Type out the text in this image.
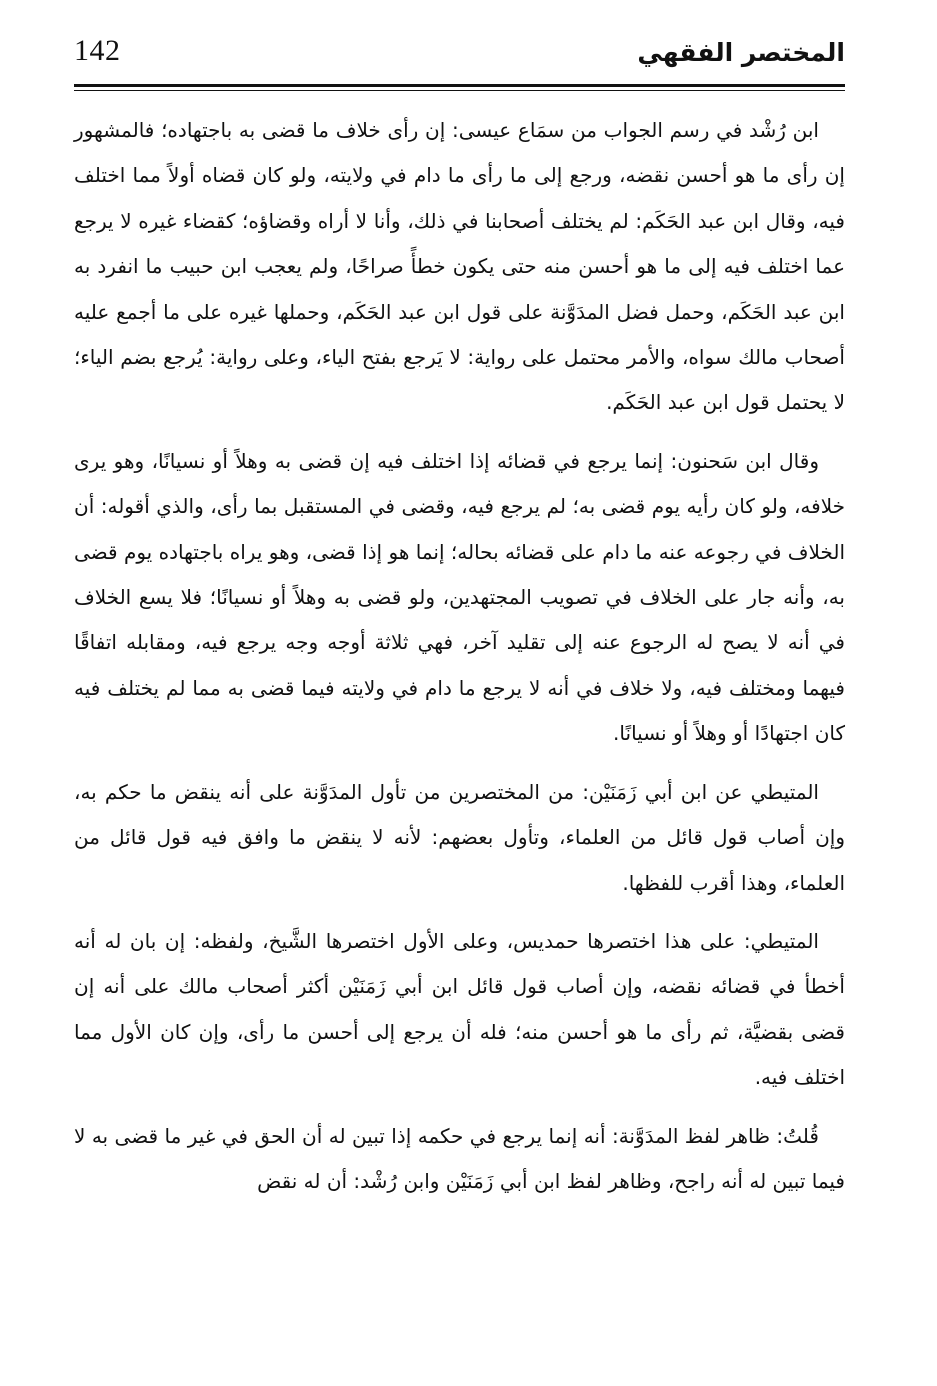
142	المختصر الفقهي

ابن رُشْد في رسم الجواب من سمَاع عيسى: إن رأى خلاف ما قضى به باجتهاده؛ فالمشهور إن رأى ما هو أحسن نقضه، ورجع إلى ما رأى ما دام في ولايته، ولو كان قضاه أولاً مما اختلف فيه، وقال ابن عبد الحَكَم: لم يختلف أصحابنا في ذلك، وأنا لا أراه وقضاؤه؛ كقضاء غيره لا يرجع عما اختلف فيه إلى ما هو أحسن منه حتى يكون خطأً صراحًا، ولم يعجب ابن حبيب ما انفرد به ابن عبد الحَكَم، وحمل فضل المدَوَّنة على قول ابن عبد الحَكَم، وحملها غيره على ما أجمع عليه أصحاب مالك سواه، والأمر محتمل على رواية: لا يَرجع بفتح الياء، وعلى رواية: يُرجع بضم الياء؛ لا يحتمل قول ابن عبد الحَكَم.

وقال ابن سَحنون: إنما يرجع في قضائه إذا اختلف فيه إن قضى به وهلاً أو نسيانًا، وهو يرى خلافه، ولو كان رأيه يوم قضى به؛ لم يرجع فيه، وقضى في المستقبل بما رأى، والذي أقوله: أن الخلاف في رجوعه عنه ما دام على قضائه بحاله؛ إنما هو إذا قضى، وهو يراه باجتهاده يوم قضى به، وأنه جار على الخلاف في تصويب المجتهدين، ولو قضى به وهلاً أو نسيانًا؛ فلا يسع الخلاف في أنه لا يصح له الرجوع عنه إلى تقليد آخر، فهي ثلاثة أوجه وجه يرجع فيه، ومقابله اتفاقًا فيهما ومختلف فيه، ولا خلاف في أنه لا يرجع ما دام في ولايته فيما قضى به مما لم يختلف فيه كان اجتهادًا أو وهلاً أو نسيانًا.

المتيطي عن ابن أبي زَمَنَيْن: من المختصرين من تأول المدَوَّنة على أنه ينقض ما حكم به، وإن أصاب قول قائل من العلماء، وتأول بعضهم: لأنه لا ينقض ما وافق فيه قول قائل من العلماء، وهذا أقرب للفظها.

المتيطي: على هذا اختصرها حمديس، وعلى الأول اختصرها الشَّيخ، ولفظه: إن بان له أنه أخطأ في قضائه نقضه، وإن أصاب قول قائل ابن أبي زَمَنَيْن أكثر أصحاب مالك على أنه إن قضى بقضيَّة، ثم رأى ما هو أحسن منه؛ فله أن يرجع إلى أحسن ما رأى، وإن كان الأول مما اختلف فيه.

قُلتُ: ظاهر لفظ المدَوَّنة: أنه إنما يرجع في حكمه إذا تبين له أن الحق في غير ما قضى به لا فيما تبين له أنه راجح، وظاهر لفظ ابن أبي زَمَنَيْن وابن رُشْد: أن له نقض
